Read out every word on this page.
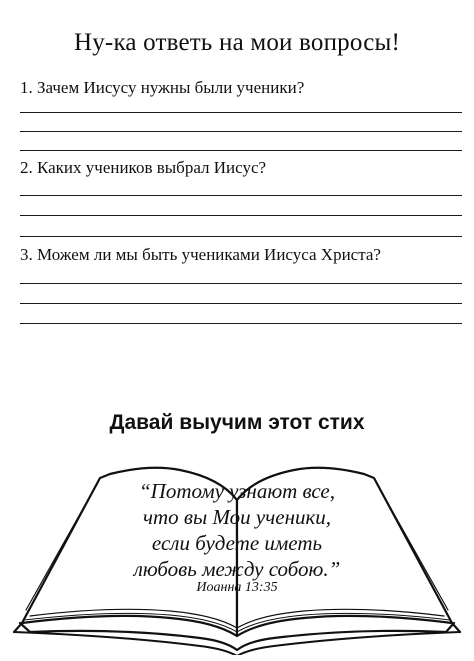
Ну-ка ответь на мои вопросы!
1. Зачем Иисусу нужны были ученики?
2. Каких учеников выбрал Иисус?
3. Можем ли мы быть учениками Иисуса Христа?
Давай выучим этот стих
“Потому узнают все,
что вы Мои ученики,
если будете иметь
любовь между собою.”
Иоанна 13:35
